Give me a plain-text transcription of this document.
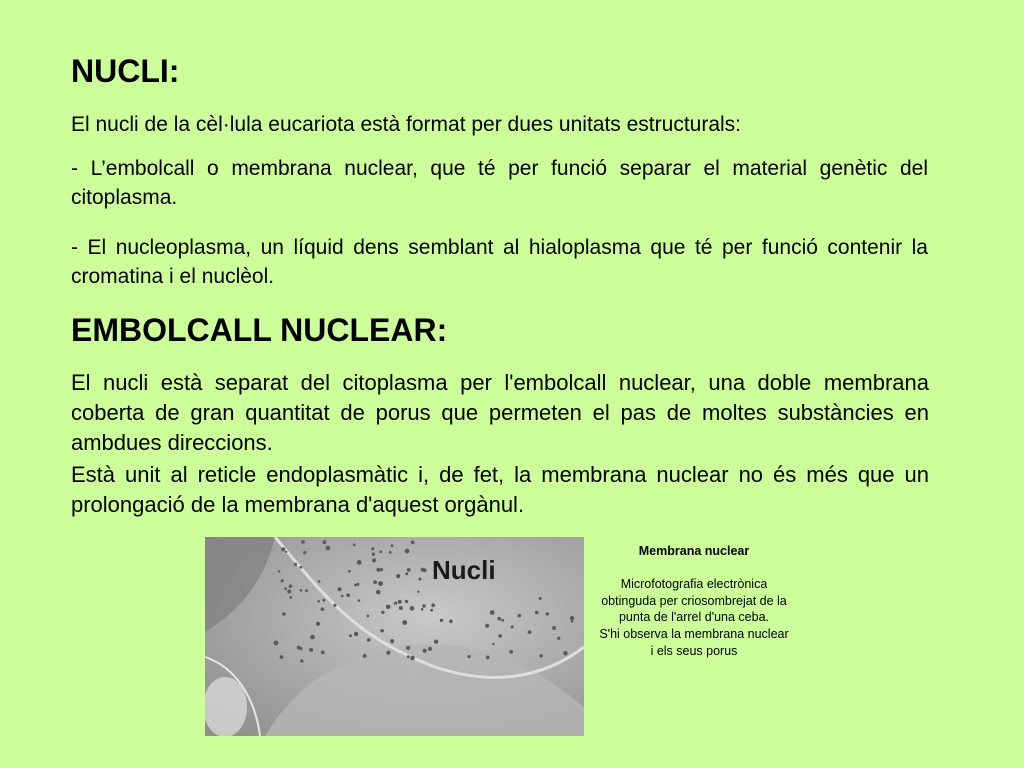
NUCLI:

El nucli de la cèl·lula eucariota està format per dues unitats estructurals:

- L’embolcall o membrana nuclear, que té per funció separar el material genètic del citoplasma.

- El nucleoplasma, un líquid dens semblant al hialoplasma que té per funció contenir la cromatina i el nuclèol.

EMBOLCALL NUCLEAR:

El nucli està separat del citoplasma per l'embolcall nuclear, una doble membrana coberta de gran quantitat de porus que permeten el pas de moltes substàncies en ambdues direccions.

Està unit al reticle endoplasmàtic i, de fet, la membrana nuclear no és més que un prolongació de la membrana d'aquest orgànul.

Nucli
Membrana nuclear
Microfotografia electrònica obtinguda per criosombrejat de la punta de l'arrel d'una ceba.
S'hi observa la membrana nuclear i els seus porus
